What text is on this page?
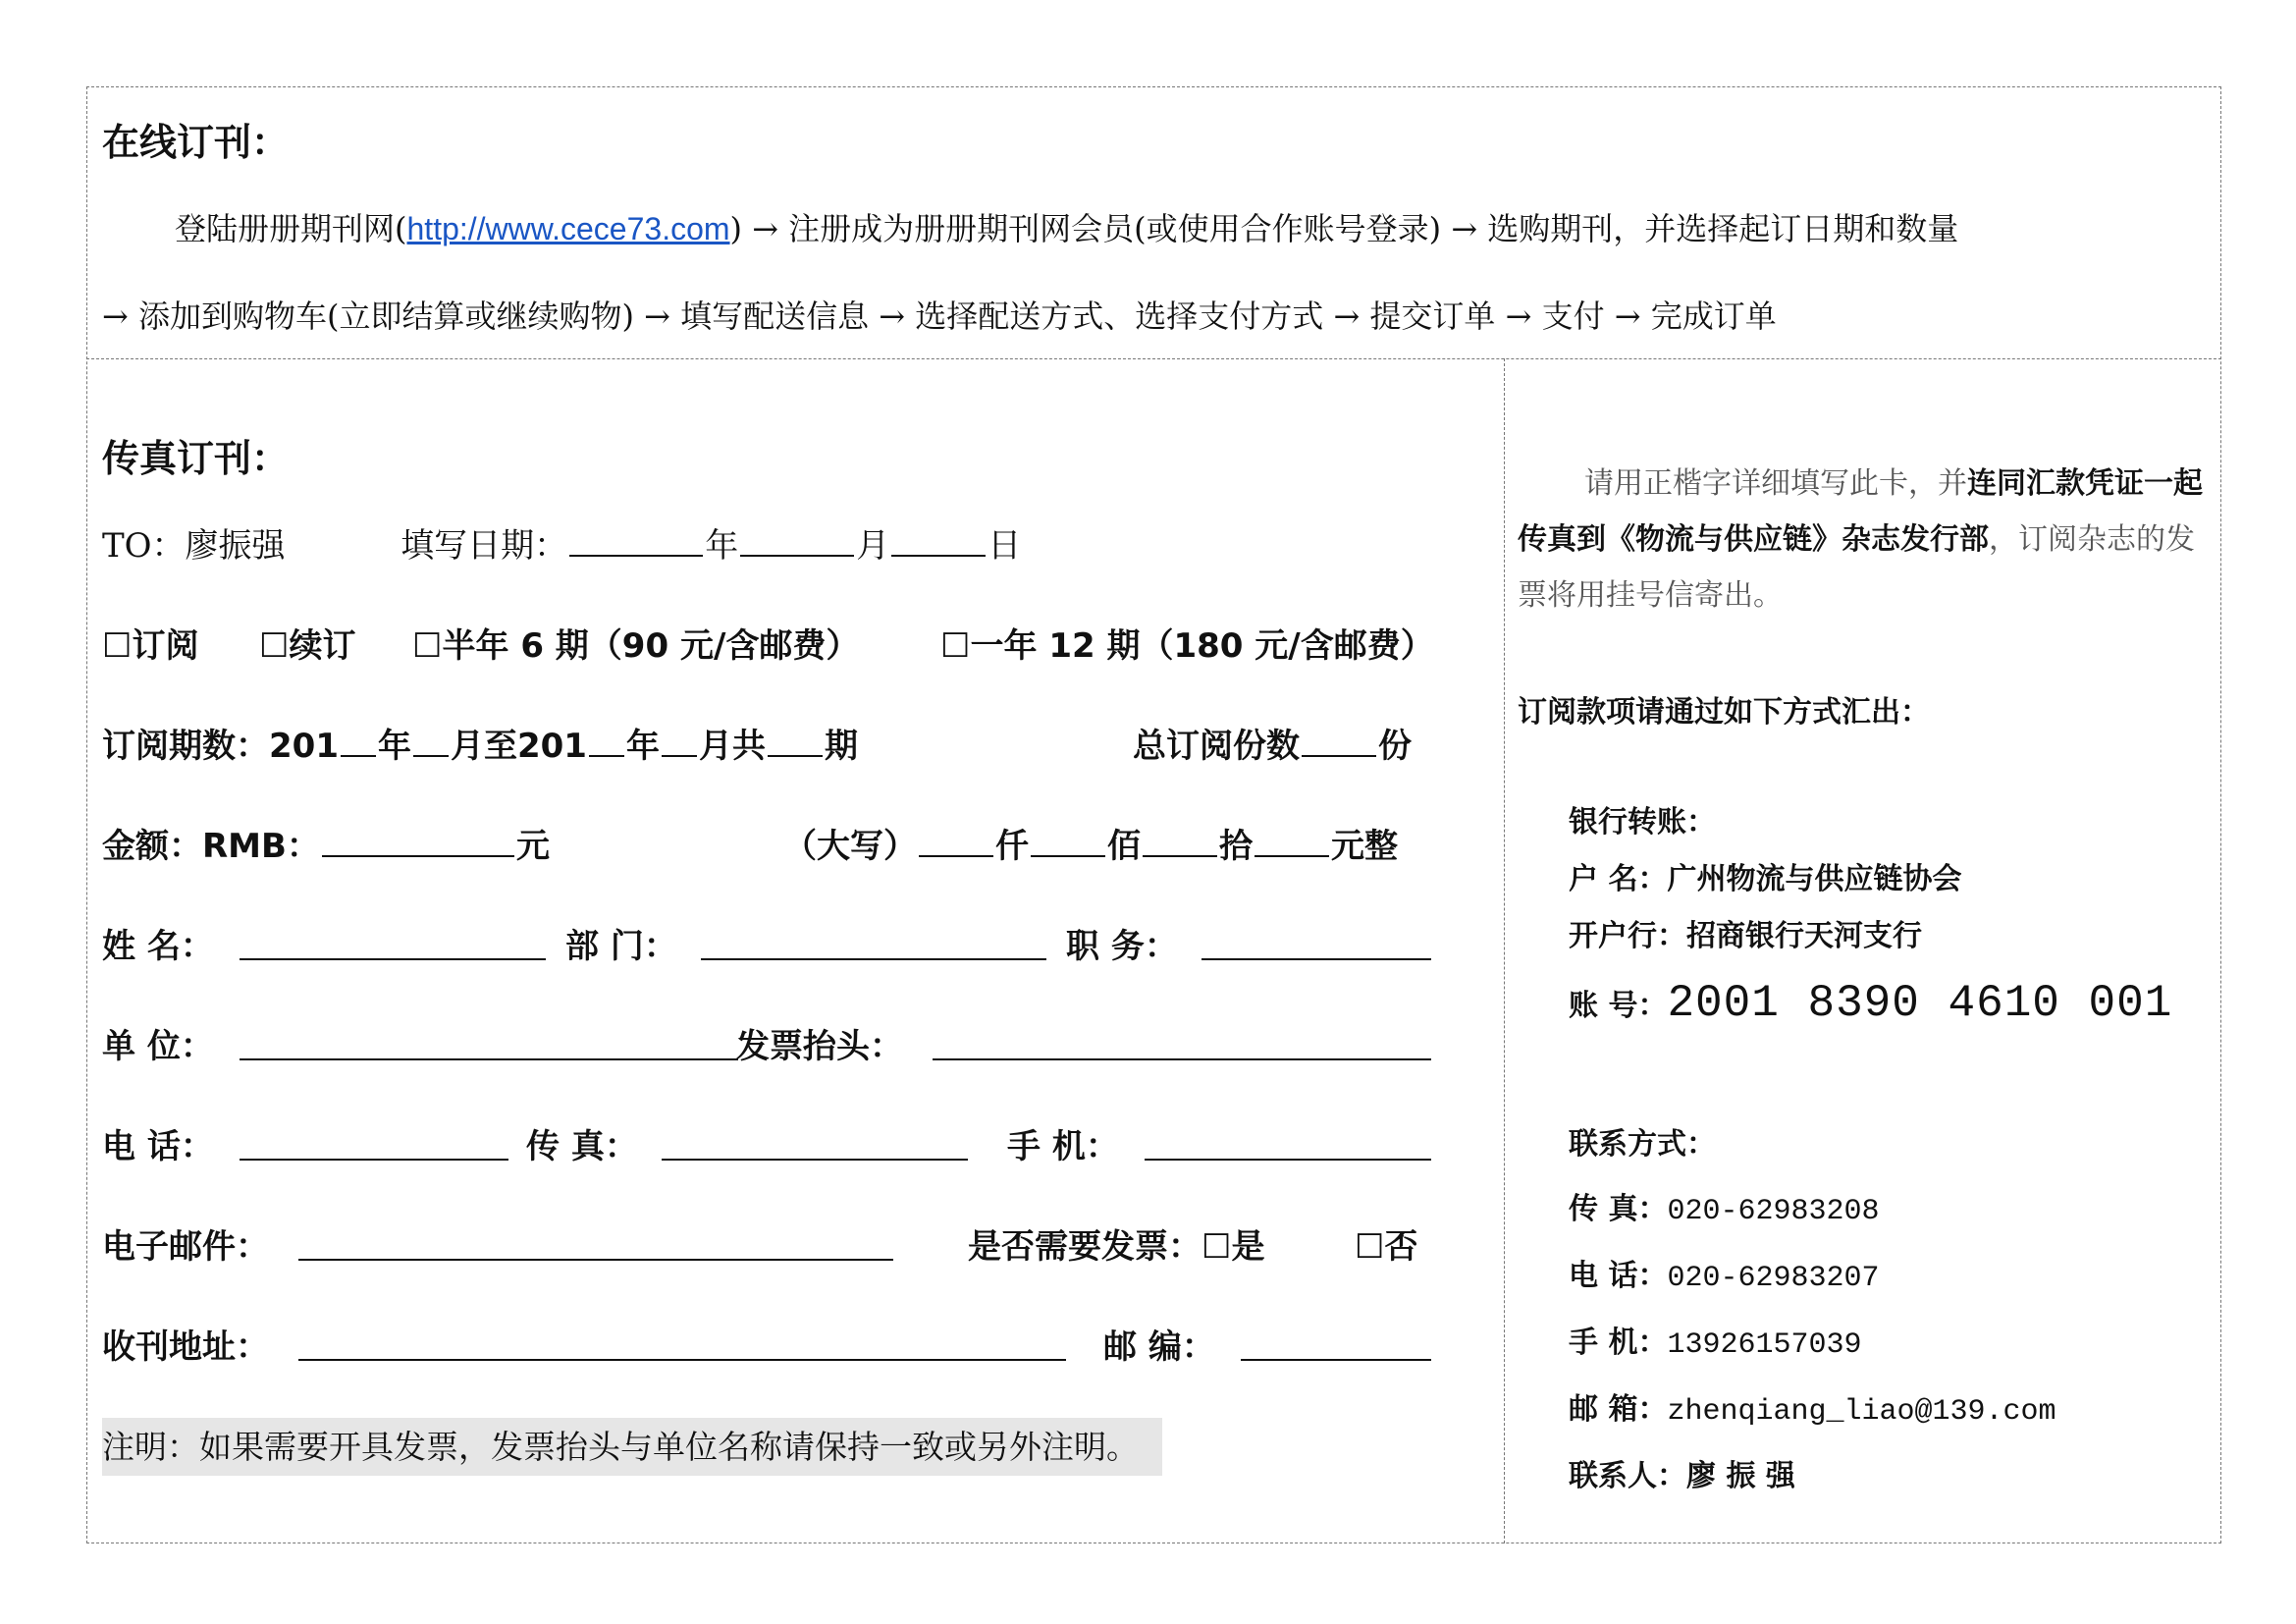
在线订刊：
登陆册册期刊网(http://www.cece73.com) → 注册成为册册期刊网会员(或使用合作账号登录) → 选购期刊，并选择起订日期和数量
→ 添加到购物车(立即结算或继续购物) → 填写配送信息 → 选择配送方式、选择支付方式 → 提交订单 → 支付 → 完成订单
传真订刊：
TO：廖振强	填写日期：	年	月	日
☐订阅 ☐续订 ☐半年 6 期（90 元/含邮费） ☐一年 12 期（180 元/含邮费）
订阅期数：201 年 月至201 年 月共 期	总订阅份数 份
金额：RMB：	元	（大写） 仟 佰 拾 元整
姓 名：	部 门：	职 务：
单 位：	发票抬头：
电 话：	传 真：	手 机：
电子邮件：	是否需要发票：☐是	☐否
收刊地址：	邮 编：
注明：如果需要开具发票，发票抬头与单位名称请保持一致或另外注明。
请用正楷字详细填写此卡，并连同汇款凭证一起传真到《物流与供应链》杂志发行部，订阅杂志的发票将用挂号信寄出。
订阅款项请通过如下方式汇出：
银行转账：
户 名：广州物流与供应链协会
开户行：招商银行天河支行
账 号：2001 8390 4610 001
联系方式：
传 真：020-62983208
电 话：020-62983207
手 机：13926157039
邮 箱：zhenqiang_liao@139.com
联系人：廖 振 强
